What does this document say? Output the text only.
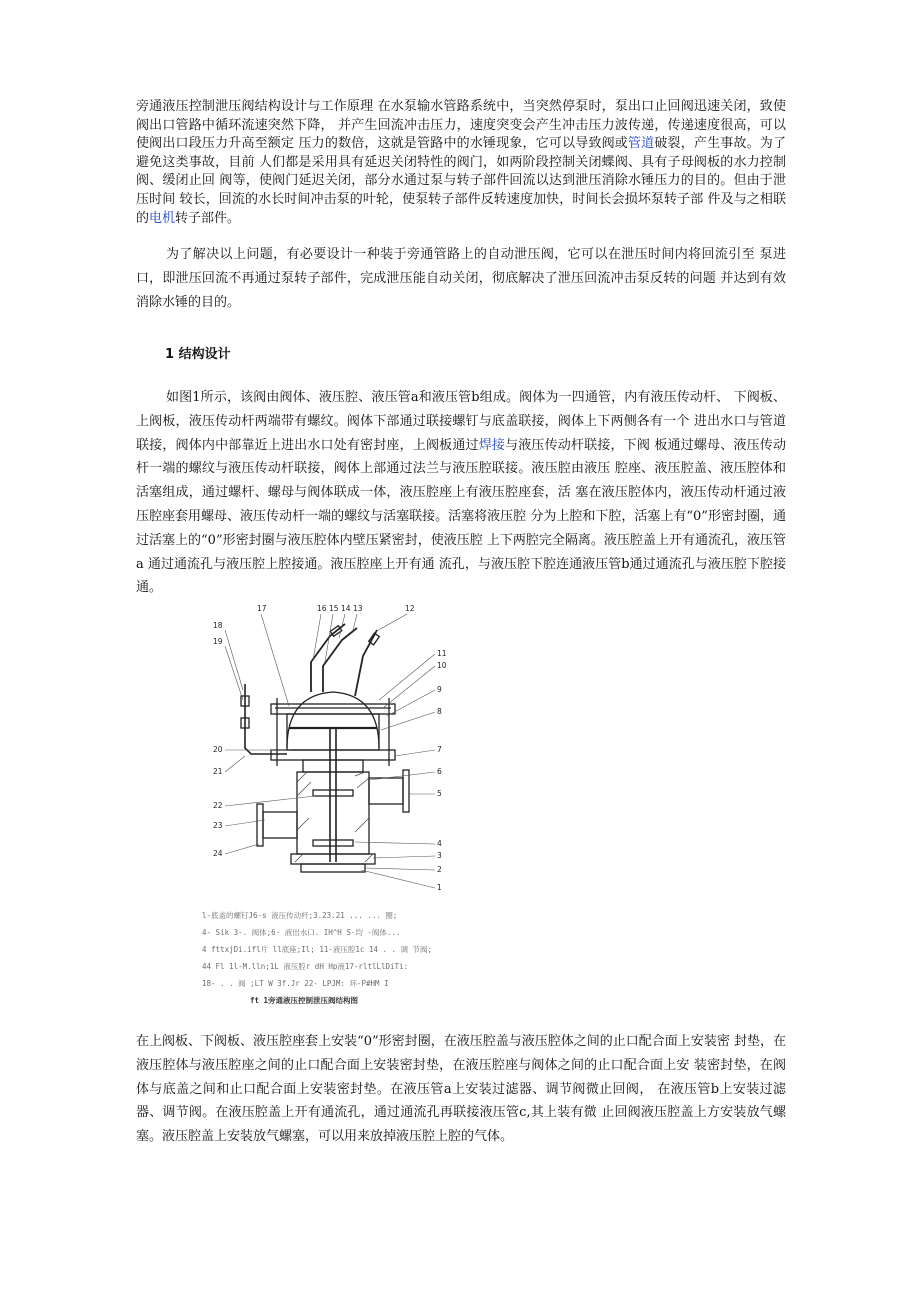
旁通液压控制泄压阀结构设计与工作原理 在水泵输水管路系统中，当突然停泵时，泵出口止回阀迅速关闭，致使阀出口管路中循环流速突然下降， 并产生回流冲击压力，速度突变会产生冲击压力波传递，传递速度很高，可以使阀出口段压力升高至额定 压力的数倍，这就是管路中的水锤现象，它可以导致阀或管道破裂，产生事故。为了避免这类事故，目前 人们都是采用具有延迟关闭特性的阀门，如两阶段控制关闭蝶阀、具有子母阀板的水力控制阀、缓闭止回 阀等，使阀门延迟关闭，部分水通过泵与转子部件回流以达到泄压消除水锤压力的目的。但由于泄压时间 较长，回流的水长时间冲击泵的叶轮，使泵转子部件反转速度加快，时间长会损坏泵转子部 件及与之相联的电机转子部件。

为了解决以上问题，有必要设计一种装于旁通管路上的自动泄压阀，它可以在泄压时间内将回流引至 泵进口，即泄压回流不再通过泵转子部件，完成泄压能自动关闭，彻底解决了泄压回流冲击泵反转的问题 并达到有效消除水锤的目的。

1 结构设计

如图1所示，该阀由阀体、液压腔、液压管a和液压管b组成。阀体为一四通管，内有液压传动杆、 下阀板、上阀板，液压传动杆两端带有螺纹。阀体下部通过联接螺钉与底盖联接，阀体上下两侧各有一个 进出水口与管道联接，阀体内中部靠近上进出水口处有密封座，上阀板通过焊接与液压传动杆联接，下阀 板通过螺母、液压传动杆一端的螺纹与液压传动杆联接，阀体上部通过法兰与液压腔联接。液压腔由液压 腔座、液压腔盖、液压腔体和活塞组成，通过螺杆、螺母与阀体联成一体，液压腔座上有液压腔座套，活 塞在液压腔体内，液压传动杆通过液压腔座套用螺母、液压传动杆一端的螺纹与活塞联接。活塞将液压腔 分为上腔和下腔，活塞上有“0”形密封圈，通过活塞上的“0”形密封圈与液压腔体内壁压紧密封，使液压腔 上下两腔完全隔离。液压腔盖上开有通流孔，液压管 a 通过通流孔与液压腔上腔接通。液压腔座上开有通 流孔，与液压腔下腔连通液压管b通过通流孔与液压腔下腔接通。

17	16 15 14 13	12
18
19
20
21
22
23
24
11
10
9
8
7
6
5
4
3
2
1
l-底盖的螺钉J6-s 液压传动杆;3.23.21 ... ... 圈;
4- Sik 3-. 阀体;6- 液出水口. IH^H S-均 -阀体...
4 fttxjDi.ifl片 ll底座;Il; 11-液压腔1c 14 . . 调 节阀;
44 Fl 1l-M.lln;1L 液压腔r dH Hp液17-rltlLlDiTi:
18- . . 阀 ;LT W 3f.Jr 22- LPJM: 环-P#HM I
ft 1旁通液压控制泄压阀结构图

在上阀板、下阀板、液压腔座套上安装“0”形密封圈，在液压腔盖与液压腔体之间的止口配合面上安装密 封垫，在液压腔体与液压腔座之间的止口配合面上安装密封垫，在液压腔座与阀体之间的止口配合面上安 装密封垫，在阀体与底盖之间和止口配合面上安装密封垫。在液压管a上安装过滤器、调节阀微止回阀， 在液压管b上安装过滤器、调节阀。在液压腔盖上开有通流孔，通过通流孔再联接液压管c,其上装有微 止回阀液压腔盖上方安装放气螺塞。液压腔盖上安装放气螺塞，可以用来放掉液压腔上腔的气体。
